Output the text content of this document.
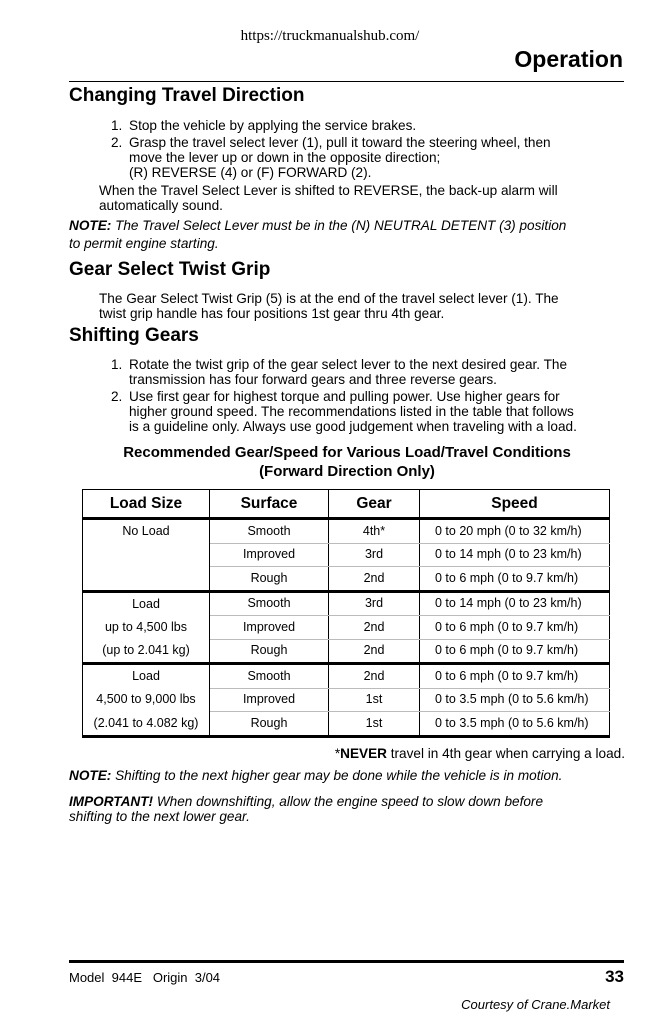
https://truckmanualshub.com/
Operation
Changing Travel Direction
1. Stop the vehicle by applying the service brakes.
2. Grasp the travel select lever (1), pull it toward the steering wheel, then
move the lever up or down in the opposite direction;
(R) REVERSE (4) or (F) FORWARD (2).
When the Travel Select Lever is shifted to REVERSE, the back-up alarm will
automatically sound.
NOTE: The Travel Select Lever must be in the (N) NEUTRAL DETENT (3) position
to permit engine starting.
Gear Select Twist Grip
The Gear Select Twist Grip (5) is at the end of the travel select lever (1). The
twist grip handle has four positions 1st gear thru 4th gear.
Shifting Gears
1. Rotate the twist grip of the gear select lever to the next desired gear. The
transmission has four forward gears and three reverse gears.
2. Use first gear for highest torque and pulling power. Use higher gears for
higher ground speed. The recommendations listed in the table that follows
is a guideline only. Always use good judgement when traveling with a load.
Recommended Gear/Speed for Various Load/Travel Conditions
(Forward Direction Only)
Load Size	Surface	Gear	Speed
No Load	Smooth	4th*	0 to 20 mph (0 to 32 km/h)
	Improved	3rd	0 to 14 mph (0 to 23 km/h)
	Rough	2nd	0 to 6 mph (0 to 9.7 km/h)
Load	Smooth	3rd	0 to 14 mph (0 to 23 km/h)
up to 4,500 lbs	Improved	2nd	0 to 6 mph (0 to 9.7 km/h)
(up to 2.041 kg)	Rough	2nd	0 to 6 mph (0 to 9.7 km/h)
Load	Smooth	2nd	0 to 6 mph (0 to 9.7 km/h)
4,500 to 9,000 lbs	Improved	1st	0 to 3.5 mph (0 to 5.6 km/h)
(2.041 to 4.082 kg)	Rough	1st	0 to 3.5 mph (0 to 5.6 km/h)
*NEVER travel in 4th gear when carrying a load.
NOTE: Shifting to the next higher gear may be done while the vehicle is in motion.
IMPORTANT! When downshifting, allow the engine speed to slow down before
shifting to the next lower gear.
Model  944E   Origin  3/04	33
Courtesy of Crane.Market
